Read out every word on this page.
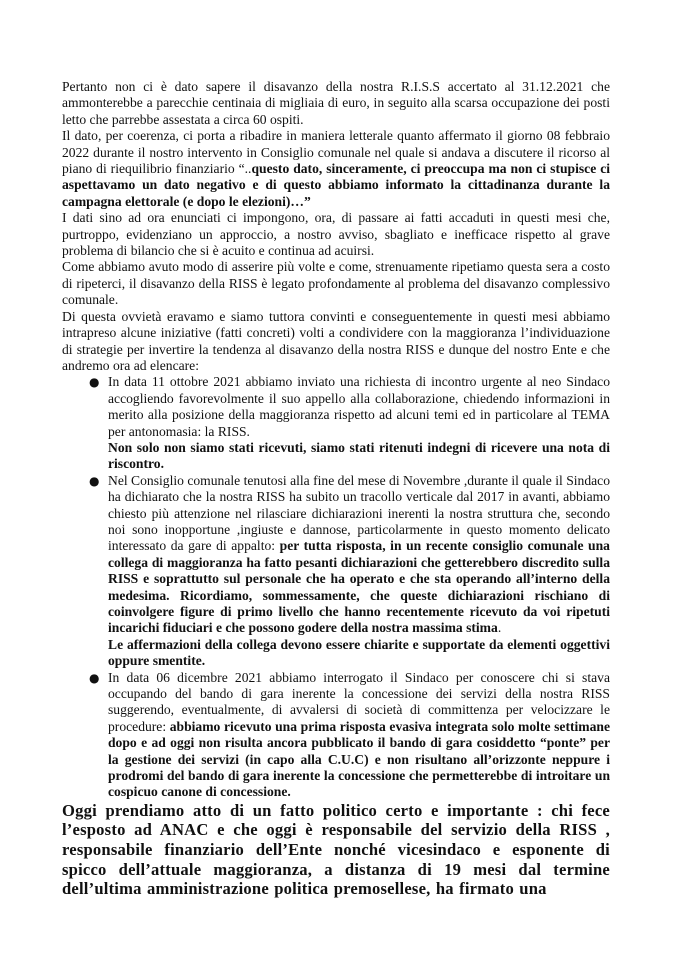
Pertanto non ci è dato sapere il disavanzo della nostra R.I.S.S accertato al 31.12.2021 che ammonterebbe a parecchie centinaia di migliaia di euro, in seguito alla scarsa occupazione dei posti letto che parrebbe assestata a circa 60 ospiti.

Il dato, per coerenza, ci porta a ribadire in maniera letterale quanto affermato il giorno 08 febbraio 2022 durante il nostro intervento in Consiglio comunale nel quale si andava a discutere il ricorso al piano di riequilibrio finanziario “..questo dato, sinceramente, ci preoccupa ma non ci stupisce ci aspettavamo un dato negativo e di questo abbiamo informato la cittadinanza durante la campagna elettorale (e dopo le elezioni)…”

I dati sino ad ora enunciati ci impongono, ora, di passare ai fatti accaduti in questi mesi che, purtroppo, evidenziano un approccio, a nostro avviso, sbagliato e inefficace rispetto al grave problema di bilancio che si è acuito e continua ad acuirsi.

Come abbiamo avuto modo di asserire più volte e come, strenuamente ripetiamo questa sera a costo di ripeterci, il disavanzo della RISS è legato profondamente al problema del disavanzo complessivo comunale.

Di questa ovvietà eravamo e siamo tuttora convinti e conseguentemente in questi mesi abbiamo intrapreso alcune iniziative (fatti concreti) volti a condividere con la maggioranza l’individuazione di strategie per invertire la tendenza al disavanzo della nostra RISS e dunque del nostro Ente e che andremo ora ad elencare:

● In data 11 ottobre 2021 abbiamo inviato una richiesta di incontro urgente al neo Sindaco accogliendo favorevolmente il suo appello alla collaborazione, chiedendo informazioni in merito alla posizione della maggioranza rispetto ad alcuni temi ed in particolare al TEMA per antonomasia: la RISS.

Non solo non siamo stati ricevuti, siamo stati ritenuti indegni di ricevere una nota di riscontro.

● Nel Consiglio comunale tenutosi alla fine del mese di Novembre ,durante il quale il Sindaco ha dichiarato che la nostra RISS ha subito un tracollo verticale dal 2017 in avanti, abbiamo chiesto più attenzione nel rilasciare dichiarazioni inerenti la nostra struttura che, secondo noi sono inopportune ,ingiuste e dannose, particolarmente in questo momento delicato interessato da gare di appalto: per tutta risposta, in un recente consiglio comunale una collega di maggioranza ha fatto pesanti dichiarazioni che getterebbero discredito sulla RISS e soprattutto sul personale che ha operato e che sta operando all’interno della medesima. Ricordiamo, sommessamente, che queste dichiarazioni rischiano di coinvolgere figure di primo livello che hanno recentemente ricevuto da voi ripetuti incarichi fiduciari e che possono godere della nostra massima stima.

Le affermazioni della collega devono essere chiarite e supportate da elementi oggettivi oppure smentite.

● In data 06 dicembre 2021 abbiamo interrogato il Sindaco per conoscere chi si stava occupando del bando di gara inerente la concessione dei servizi della nostra RISS suggerendo, eventualmente, di avvalersi di società di committenza per velocizzare le procedure: abbiamo ricevuto una prima risposta evasiva integrata solo molte settimane dopo e ad oggi non risulta ancora pubblicato il bando di gara cosiddetto “ponte” per la gestione dei servizi (in capo alla C.U.C) e non risultano all’orizzonte neppure i prodromi del bando di gara inerente la concessione che permetterebbe di introitare un cospicuo canone di concessione.

Oggi prendiamo atto di un fatto politico certo e importante : chi fece l’esposto ad ANAC e che oggi è responsabile del servizio della RISS , responsabile finanziario dell’Ente nonché vicesindaco e esponente di spicco dell’attuale maggioranza, a distanza di 19 mesi dal termine dell’ultima amministrazione politica premosellese, ha firmato una
